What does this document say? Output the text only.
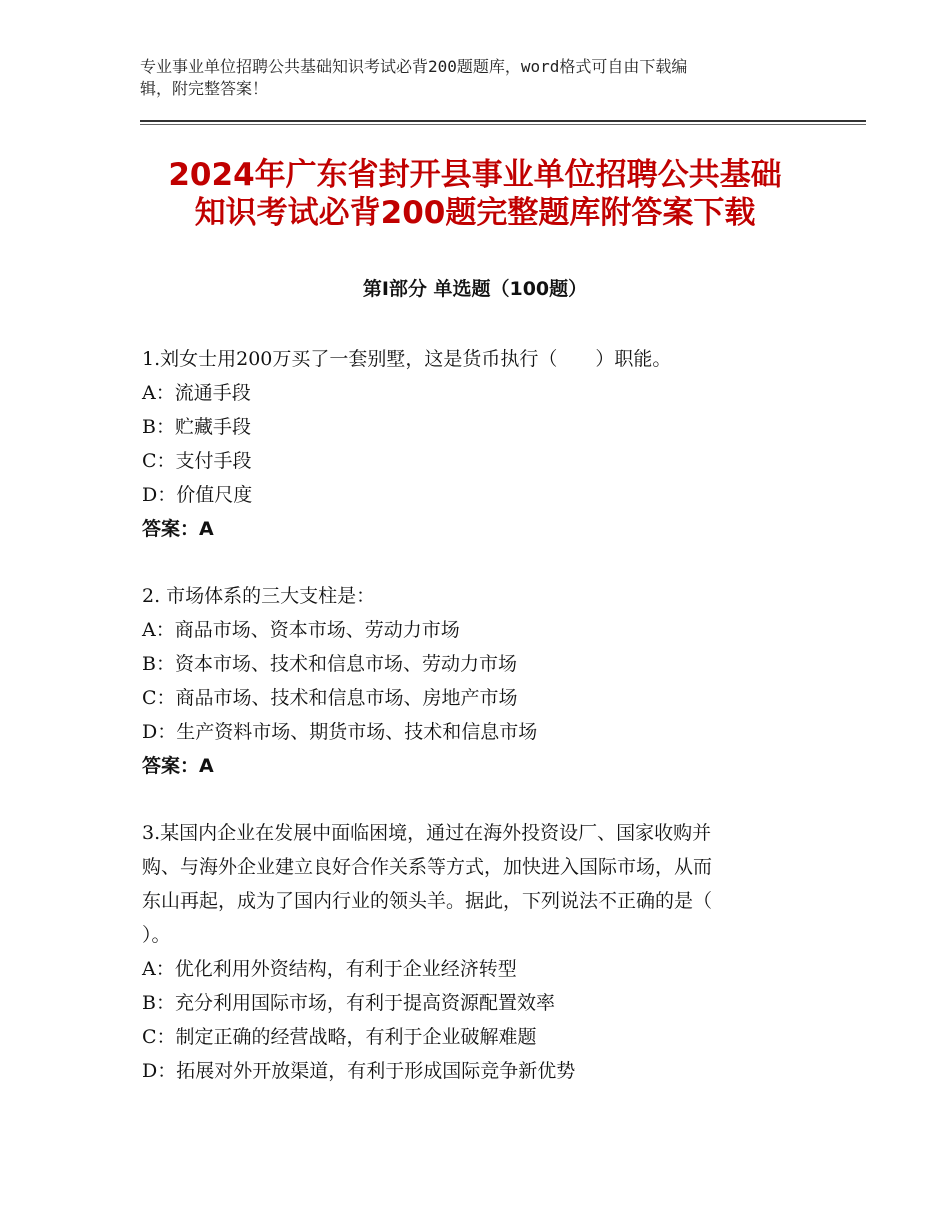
专业事业单位招聘公共基础知识考试必背200题题库，word格式可自由下载编
辑，附完整答案！
2024年广东省封开县事业单位招聘公共基础
知识考试必背200题完整题库附答案下载
第Ⅰ部分 单选题（100题）
1.刘女士用200万买了一套别墅，这是货币执行（　　）职能。
A：流通手段
B：贮藏手段
C：支付手段
D：价值尺度
答案：A
2. 市场体系的三大支柱是：
A：商品市场、资本市场、劳动力市场
B：资本市场、技术和信息市场、劳动力市场
C：商品市场、技术和信息市场、房地产市场
D：生产资料市场、期货市场、技术和信息市场
答案：A
3.某国内企业在发展中面临困境，通过在海外投资设厂、国家收购并
购、与海外企业建立良好合作关系等方式，加快进入国际市场，从而
东山再起，成为了国内行业的领头羊。据此，下列说法不正确的是（
）。
A：优化利用外资结构，有利于企业经济转型
B：充分利用国际市场，有利于提高资源配置效率
C：制定正确的经营战略，有利于企业破解难题
D：拓展对外开放渠道，有利于形成国际竞争新优势
